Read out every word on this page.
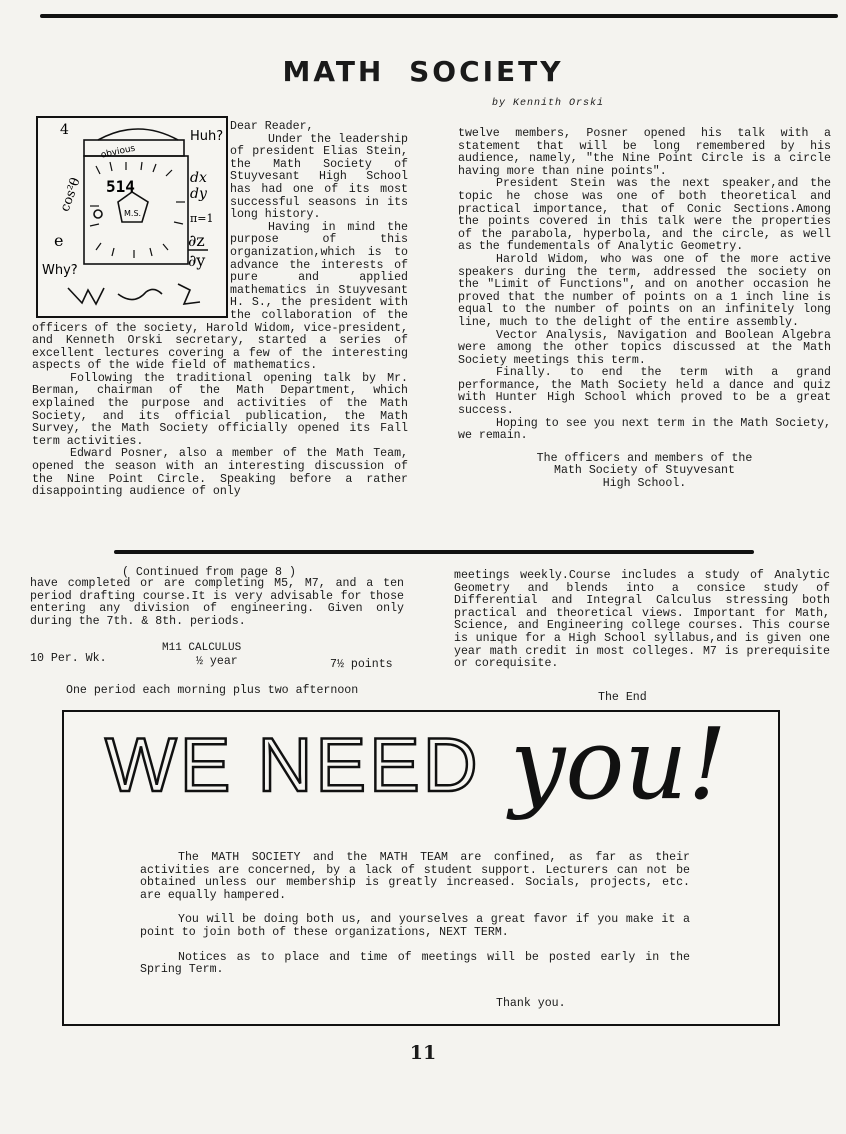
MATH SOCIETY
by Kennith Orski
obvious
Huh?
514
M.S.
4
cos²θ
e
Why?
dx
dy
π=1
∂z
∂y

Dear Reader,

Under the leadership of president Elias Stein, the Math Society of Stuyvesant High School has had one of its most successful seasons in its long history.

Having in mind the purpose of this organization,which is to advance the interests of pure and applied mathematics in Stuyvesant H. S., the president with the collaboration of the officers of the society, Harold Widom, vice-president, and Kenneth Orski secretary, started a series of excellent lectures covering a few of the interesting aspects of the wide field of mathematics.

Following the traditional opening talk by Mr. Berman, chairman of the Math Department, which explained the purpose and activities of the Math Society, and its official publication, the Math Survey, the Math Society officially opened its Fall term activities.

Edward Posner, also a member of the Math Team, opened the season with an interesting discussion of the Nine Point Circle. Speaking before a rather disappointing audience of only

twelve members, Posner opened his talk with a statement that will be long remembered by his audience, namely, "the Nine Point Circle is a circle having more than nine points".

President Stein was the next speaker,and the topic he chose was one of both theoretical and practical importance, that of Conic Sections.Among the points covered in this talk were the properties of the parabola, hyperbola, and the circle, as well as the fundementals of Analytic Geometry.

Harold Widom, who was one of the more active speakers during the term, addressed the society on the "Limit of Functions", and on another occasion he proved that the number of points on a 1 inch line is equal to the number of points on an infinitely long line, much to the delight of the entire assembly.

Vector Analysis, Navigation and Boolean Algebra were among the other topics discussed at the Math Society meetings this term.

Finally. to end the term with a grand performance, the Math Society held a dance and quiz with Hunter High School which proved to be a great success.

Hoping to see you next term in the Math Society, we remain.

The officers and members of the
Math Society of Stuyvesant
High School.
( Continued from page 8 )
have completed or are completing M5, M7, and a ten period drafting course.It is very advisable for those entering any division of engineering. Given only during the 7th. & 8th. periods.
M11 CALCULUS
10 Per. Wk.	½ year	7½ points
One period each morning plus two afternoon
meetings weekly.Course includes a study of Analytic Geometry and blends into a consice study of Differential and Integral Calculus stressing both practical and theoretical views. Important for Math, Science, and Engineering college courses. This course is unique for a High School syllabus,and is given one year math credit in most colleges. M7 is prerequisite or corequisite.
The End
WE NEED you!

The MATH SOCIETY and the MATH TEAM are confined, as far as their activities are concerned, by a lack of student support. Lecturers can not be obtained unless our membership is greatly increased. Socials, projects, etc. are equally hampered.

You will be doing both us, and yourselves a great favor if you make it a point to join both of these organizations, NEXT TERM.

Notices as to place and time of meetings will be posted early in the Spring Term.

Thank you.
11
